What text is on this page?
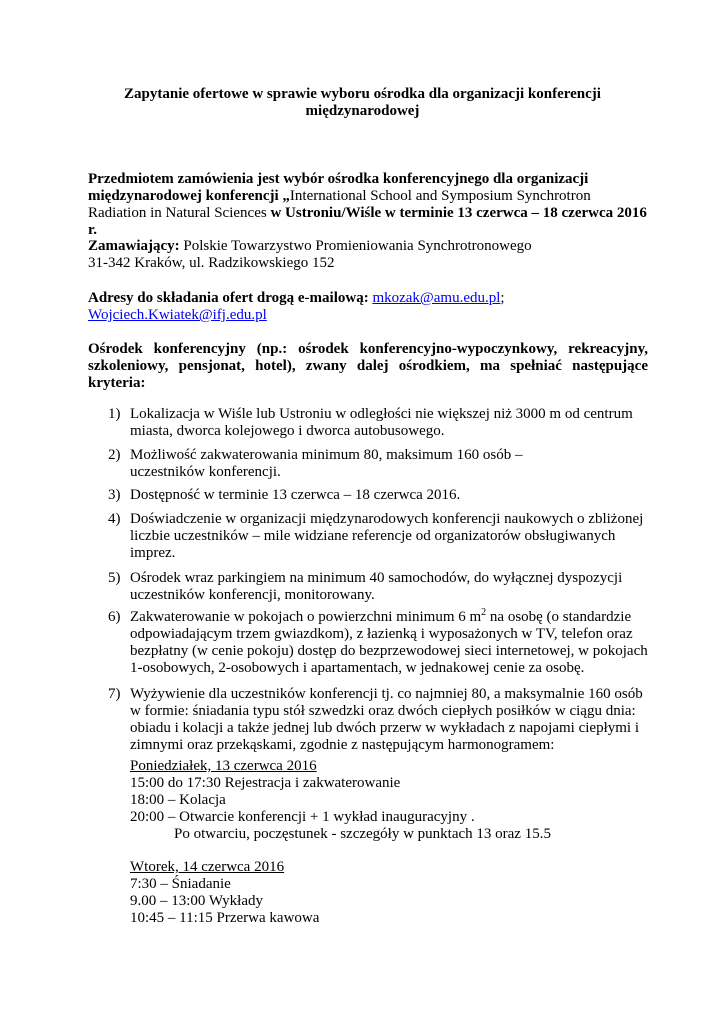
Zapytanie ofertowe w sprawie wyboru ośrodka dla organizacji konferencji
międzynarodowej
Przedmiotem zamówienia jest wybór ośrodka konferencyjnego dla organizacji międzynarodowej konferencji „International School and Symposium Synchrotron Radiation in Natural Sciences w Ustroniu/Wiśle w terminie 13 czerwca – 18 czerwca 2016 r.
Zamawiający: Polskie Towarzystwo Promieniowania Synchrotronowego
31-342 Kraków, ul. Radzikowskiego 152
Adresy do składania ofert drogą e-mailową: mkozak@amu.edu.pl;
Wojciech.Kwiatek@ifj.edu.pl
Ośrodek konferencyjny (np.: ośrodek konferencyjno-wypoczynkowy, rekreacyjny,
szkoleniowy, pensjonat, hotel), zwany dalej ośrodkiem, ma spełniać następujące
kryteria:
1) Lokalizacja w Wiśle lub Ustroniu w odległości nie większej niż 3000 m od centrum miasta, dworca kolejowego i dworca autobusowego.
2) Możliwość zakwaterowania minimum 80, maksimum 160 osób – uczestników konferencji.
3) Dostępność w terminie 13 czerwca – 18 czerwca 2016.
4) Doświadczenie w organizacji międzynarodowych konferencji naukowych o zbliżonej liczbie uczestników – mile widziane referencje od organizatorów obsługiwanych imprez.
5) Ośrodek wraz parkingiem na minimum 40 samochodów, do wyłącznej dyspozycji uczestników konferencji, monitorowany.
6) Zakwaterowanie w pokojach o powierzchni minimum 6 $m^2$ na osobę (o standardzie odpowiadającym trzem gwiazdkom), z łazienką i wyposażonych w TV, telefon oraz bezpłatny (w cenie pokoju) dostęp do bezprzewodowej sieci internetowej, w pokojach 1-osobowych, 2-osobowych i apartamentach, w jednakowej cenie za osobę.
7) Wyżywienie dla uczestników konferencji tj. co najmniej 80, a maksymalnie 160 osób w formie: śniadania typu stół szwedzki oraz dwóch ciepłych posiłków w ciągu dnia: obiadu i kolacji a także jednej lub dwóch przerw w wykładach z napojami ciepłymi i zimnymi oraz przekąskami, zgodnie z następującym harmonogramem:
Poniedziałek, 13 czerwca 2016
15:00 do 17:30 Rejestracja i zakwaterowanie
18:00 – Kolacja
20:00 – Otwarcie konferencji + 1 wykład inauguracyjny .
Po otwarciu, poczęstunek - szczegóły w punktach 13 oraz 15.5
Wtorek, 14 czerwca 2016
7:30 – Śniadanie
9.00 – 13:00 Wykłady
10:45 – 11:15 Przerwa kawowa
